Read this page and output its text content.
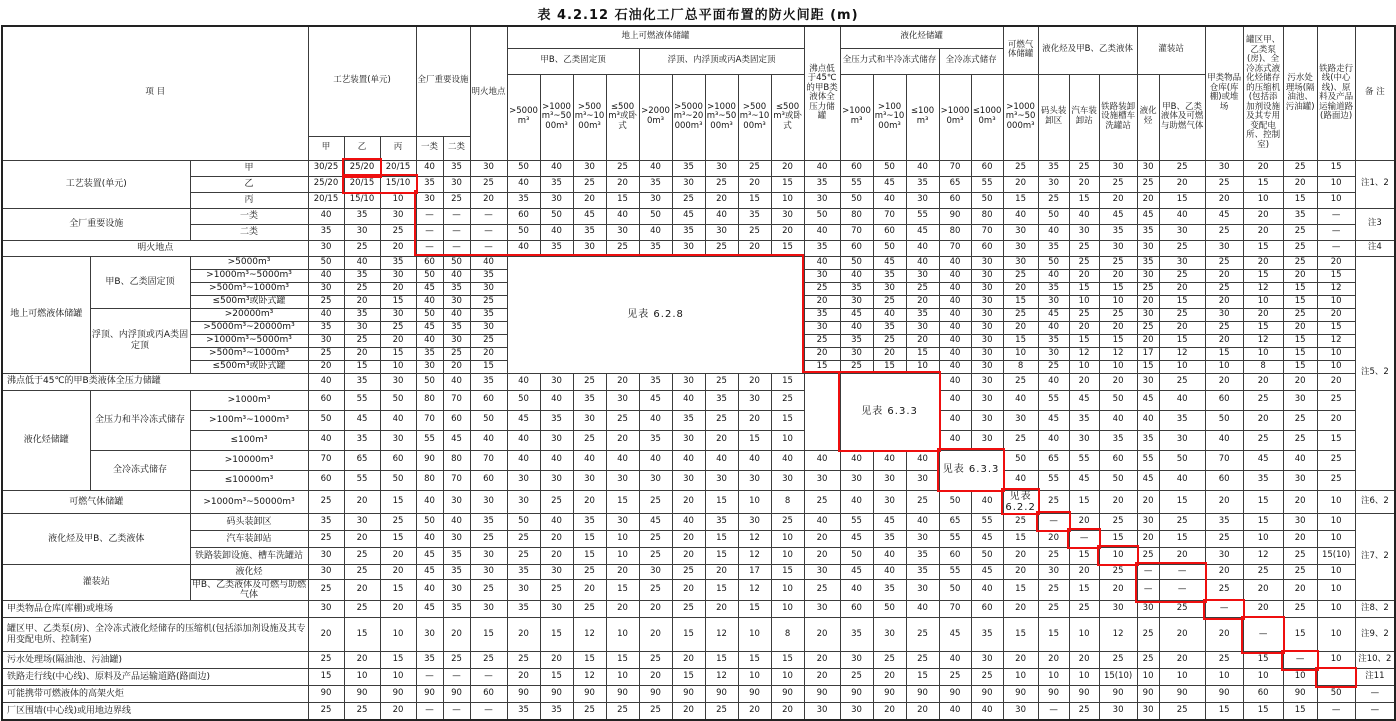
表 4.2.12 石油化工厂总平面布置的防火间距 (m)
项 目			工艺装置(单元)			全厂重要设施		明火地点	地上可燃液体储罐									沸点低于45℃的甲B类液体全压力储罐	液化烃储罐					可燃气体储罐	液化烃及甲B、乙类液体			灌装站		甲类物品仓库(库棚)或堆场	罐区甲、乙类泵(房)、全冷冻式液化烃储存的压缩机(包括添加剂设施及其专用变配电所、控制室)	污水处理场(隔油池、污油罐)	铁路走行线(中心线)、原料及产品运输道路(路面边)	备 注
									甲B、乙类固定顶				浮顶、内浮顶或丙A类固定顶						全压力式和半冷冻式储存			全冷冻式储存												
									>5000m³	>1000m³~5000m³	>500m³~1000m³	≤500m³或卧式	>20000m³	>5000m³~20000m³	>1000m³~5000m³	>500m³~1000m³	≤500m³或卧式		>1000m³	>100m³~1000m³	≤100m³	>10000m³	≤10000m³	>1000m³~50000m³	码头装卸区	汽车装卸站	铁路装卸设施槽车洗罐站	液化烃	甲B、乙类液体及可燃与助燃气体					
			甲	乙	丙	一类	二类																											
工艺装置(单元)		甲	30/25	25/20	20/15	40	35	30	50	40	30	25	40	35	30	25	20	40	60	50	40	70	60	25	35	25	30	30	25	30	20	25	15	注1、2
		乙	25/20	20/15	15/10	35	30	25	40	35	25	20	35	30	25	20	15	35	55	45	35	65	55	20	30	20	25	25	20	25	15	20	10	
		丙	20/15	15/10	10	30	25	20	35	30	20	15	30	25	20	15	10	30	50	40	30	60	50	15	25	15	20	20	15	20	10	15	10	
全厂重要设施		一类	40	35	30	—	—	—	60	50	45	40	50	45	40	35	30	50	80	70	55	90	80	40	50	40	45	45	40	45	20	35	—	注3
		二类	35	30	25	—	—	—	50	40	35	30	40	35	30	25	20	40	70	60	45	80	70	30	40	30	35	35	30	25	20	25	—	
明火地点			30	25	20	—	—	—	40	35	30	25	35	30	25	20	15	35	60	50	40	70	60	30	35	25	30	30	25	30	15	25	—	注4
地上可燃液体储罐	甲B、乙类固定顶	>5000m³	50	40	35	60	50	40	见表 6.2.8									40	50	45	40	40	30	30	50	25	25	35	30	25	20	25	20	注5、2
		>1000m³~5000m³	40	35	30	50	40	35										30	40	35	30	40	30	25	40	20	20	30	25	20	15	20	15	
		>500m³~1000m³	30	25	20	45	35	30										25	35	30	25	40	30	20	35	15	15	25	20	25	12	15	12	
		≤500m³或卧式罐	25	20	15	40	30	25										20	30	25	20	40	30	15	30	10	10	20	15	20	10	15	10	
	浮顶、内浮顶或丙A类固定顶	>20000m³	40	35	30	50	40	35										35	45	40	35	40	30	25	45	25	25	30	25	30	20	25	20	
		>5000m³~20000m³	35	30	25	45	35	30										30	40	35	30	40	30	20	40	20	20	25	20	25	15	20	15	
		>1000m³~5000m³	30	25	20	40	30	25										25	35	25	20	40	30	15	35	15	15	20	15	20	12	15	12	
		>500m³~1000m³	25	20	15	35	25	20										20	30	20	15	40	30	10	30	12	12	17	12	15	10	15	10	
		≤500m³或卧式罐	20	15	10	30	20	15										15	25	15	10	40	30	8	25	10	10	15	10	10	8	15	10	
沸点低于45℃的甲B类液体全压力储罐			40	35	30	50	40	35	40	30	25	20	35	30	25	20	15		见表 6.3.3			40	30	25	40	20	20	30	25	20	20	20	20	
液化烃储罐	全压力和半冷冻式储存	>1000m³	60	55	50	80	70	60	50	40	35	30	45	40	35	30	25					40	30	40	55	45	50	45	40	60	25	30	25	
		>100m³~1000m³	50	45	40	70	60	50	45	35	30	25	40	35	25	20	15					40	30	30	45	35	40	40	35	50	20	25	20	
		≤100m³	40	35	30	55	45	40	40	30	25	20	35	30	20	15	10					40	30	25	40	30	35	35	30	40	25	25	15	
	全冷冻式储存	>10000m³	70	65	60	90	80	70	40	40	40	40	40	40	40	40	40	40	40	40	40	见表 6.3.3		50	65	55	60	55	50	70	45	40	25	
		≤10000m³	60	55	50	80	70	60	30	30	30	30	30	30	30	30	30	30	30	30	30			40	55	45	50	45	40	60	35	30	25	
可燃气体储罐		>1000m³~50000m³	25	20	15	40	30	30	30	25	20	15	25	20	15	10	8	25	40	30	25	50	40	见表 6.2.2	25	15	20	20	15	20	15	20	10	注6、2
液化烃及甲B、乙类液体		码头装卸区	35	30	25	50	40	35	50	40	35	30	45	40	35	30	25	40	55	45	40	65	55	25	—	20	25	30	25	35	15	30	10	注7、2
		汽车装卸站	25	20	15	40	30	25	25	20	15	10	25	20	15	12	10	20	45	35	30	55	45	15	20	—	15	20	15	25	10	20	10	
		铁路装卸设施、槽车洗罐站	30	25	20	45	35	30	25	20	15	10	25	20	15	12	10	20	50	40	35	60	50	20	25	15	10	25	20	30	12	25	15(10)	
灌装站		液化烃	30	25	20	45	35	30	35	30	25	20	30	25	20	17	15	30	45	40	35	55	45	20	30	20	25	—	—	20	25	25	10	
		甲B、乙类液体及可燃与助燃气体	25	20	15	40	30	25	30	25	20	15	25	20	15	12	10	25	40	35	30	50	40	15	25	15	20	—	—	25	20	20	10	
甲类物品仓库(库棚)或堆场			30	25	20	45	35	30	35	30	25	20	20	25	20	15	10	30	60	50	40	70	60	20	25	25	30	30	25	—	20	25	10	注8、2
罐区甲、乙类泵(房)、全冷冻式液化烃储存的压缩机(包括添加剂设施及其专用变配电所、控制室)			20	15	10	30	20	15	20	15	12	10	20	15	12	10	8	20	35	30	25	45	35	15	15	10	12	25	20	20	—	15	10	注9、2
污水处理场(隔油池、污油罐)			25	20	15	35	25	25	25	20	15	15	25	20	15	15	15	20	30	25	25	40	30	20	20	20	25	25	20	25	15	—	10	注10、2
铁路走行线(中心线)、原料及产品运输道路(路面边)			15	10	10	—	—	—	20	15	12	10	20	15	12	10	10	20	25	20	15	25	25	10	10	10	15(10)	10	10	10	10	10		注11
可能携带可燃液体的高架火炬			90	90	90	90	90	60	90	90	90	90	90	90	90	90	90	90	90	90	90	90	90	90	90	90	90	90	90	90	60	90	50	—
厂区围墙(中心线)或用地边界线			25	25	20	—	—	—	35	35	25	25	25	20	25	20	20	30	30	20	20	40	40	30	—	25	30	30	25	15	15	15	—	—
